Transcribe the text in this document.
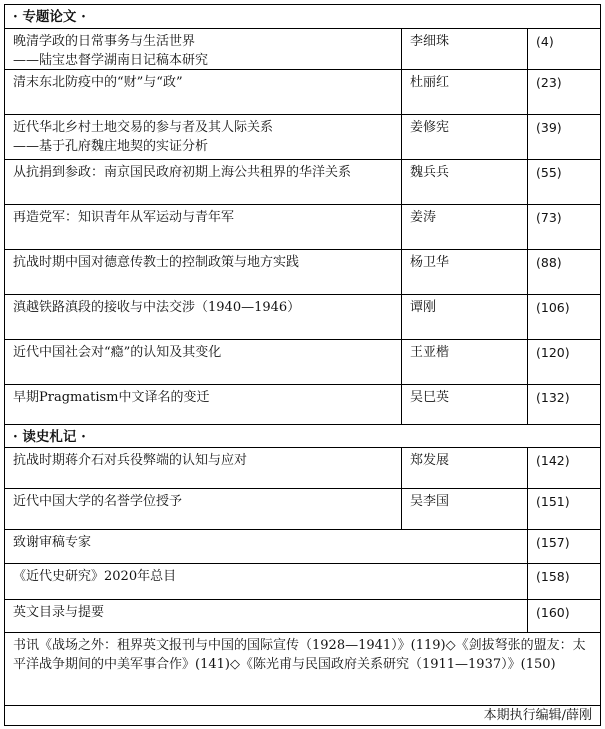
· 专题论文 ·
晚清学政的日常事务与生活世界
——陆宝忠督学湖南日记稿本研究
李细珠	(4)
清末东北防疫中的“财”与“政”	杜丽红	(23)
近代华北乡村土地交易的参与者及其人际关系
——基于孔府魏庄地契的实证分析
姜修宪	(39)
从抗捐到参政：南京国民政府初期上海公共租界的华洋关系	魏兵兵	(55)
再造党军：知识青年从军运动与青年军	姜涛	(73)
抗战时期中国对德意传教士的控制政策与地方实践	杨卫华	(88)
滇越铁路滇段的接收与中法交涉（1940—1946）	谭刚	(106)
近代中国社会对“瘾”的认知及其变化	王亚楷	(120)
早期Pragmatism中文译名的变迁	吴巳英	(132)
· 读史札记 ·
抗战时期蒋介石对兵役弊端的认知与应对	郑发展	(142)
近代中国大学的名誉学位授予	吴李国	(151)
致谢审稿专家	(157)
《近代史研究》2020年总目	(158)
英文目录与提要	(160)
书讯《战场之外：租界英文报刊与中国的国际宣传（1928—1941）》(119)◇《剑拔弩张的盟友：太平洋战争期间的中美军事合作》(141)◇《陈光甫与民国政府关系研究（1911—1937）》(150)
本期执行编辑/薛刚
